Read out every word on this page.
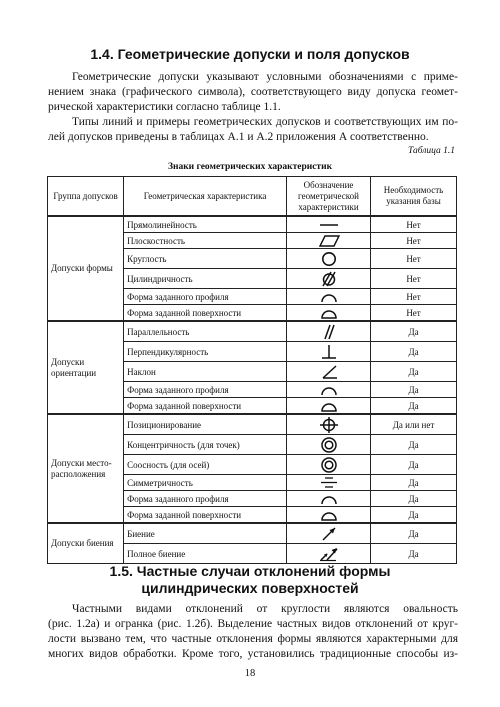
1.4. Геометрические допуски и поля допусков

Геометрические допуски указывают условными обозначениями с приме-
нением знака (графического символа), соответствующего виду допуска геомет-
рической характеристики согласно таблице 1.1.

Типы линий и примеры геометрических допусков и соответствующих им по-
лей допусков приведены в таблицах А.1 и А.2 приложения А соответственно.

Таблица 1.1
Знаки геометрических характеристик
Группа допусков	Геометрическая характеристика	Обозначение геометрической характеристики	Необходимость указания базы
Допуски формы	Прямолинейность		Нет
	Плоскостность		Нет
	Круглость		Нет
	Цилиндричность		Нет
	Форма заданного профиля		Нет
	Форма заданной поверхности		Нет
Допуски ориентации	Параллельность		Да
	Перпендикулярность		Да
	Наклон		Да
	Форма заданного профиля		Да
	Форма заданной поверхности		Да
Допуски место-расположения	Позиционирование		Да или нет
	Концентричность (для точек)		Да
	Соосность (для осей)		Да
	Симметричность		Да
	Форма заданного профиля		Да
	Форма заданной поверхности		Да
Допуски биения	Биение		Да
	Полное биение		Да
1.5. Частные случаи отклонений формы
цилиндрических поверхностей

Частными видами отклонений от круглости являются овальность
(рис. 1.2а) и огранка (рис. 1.2б). Выделение частных видов отклонений от круг-
лости вызвано тем, что частные отклонения формы являются характерными для
многих видов обработки. Кроме того, установились традиционные способы из-

18
